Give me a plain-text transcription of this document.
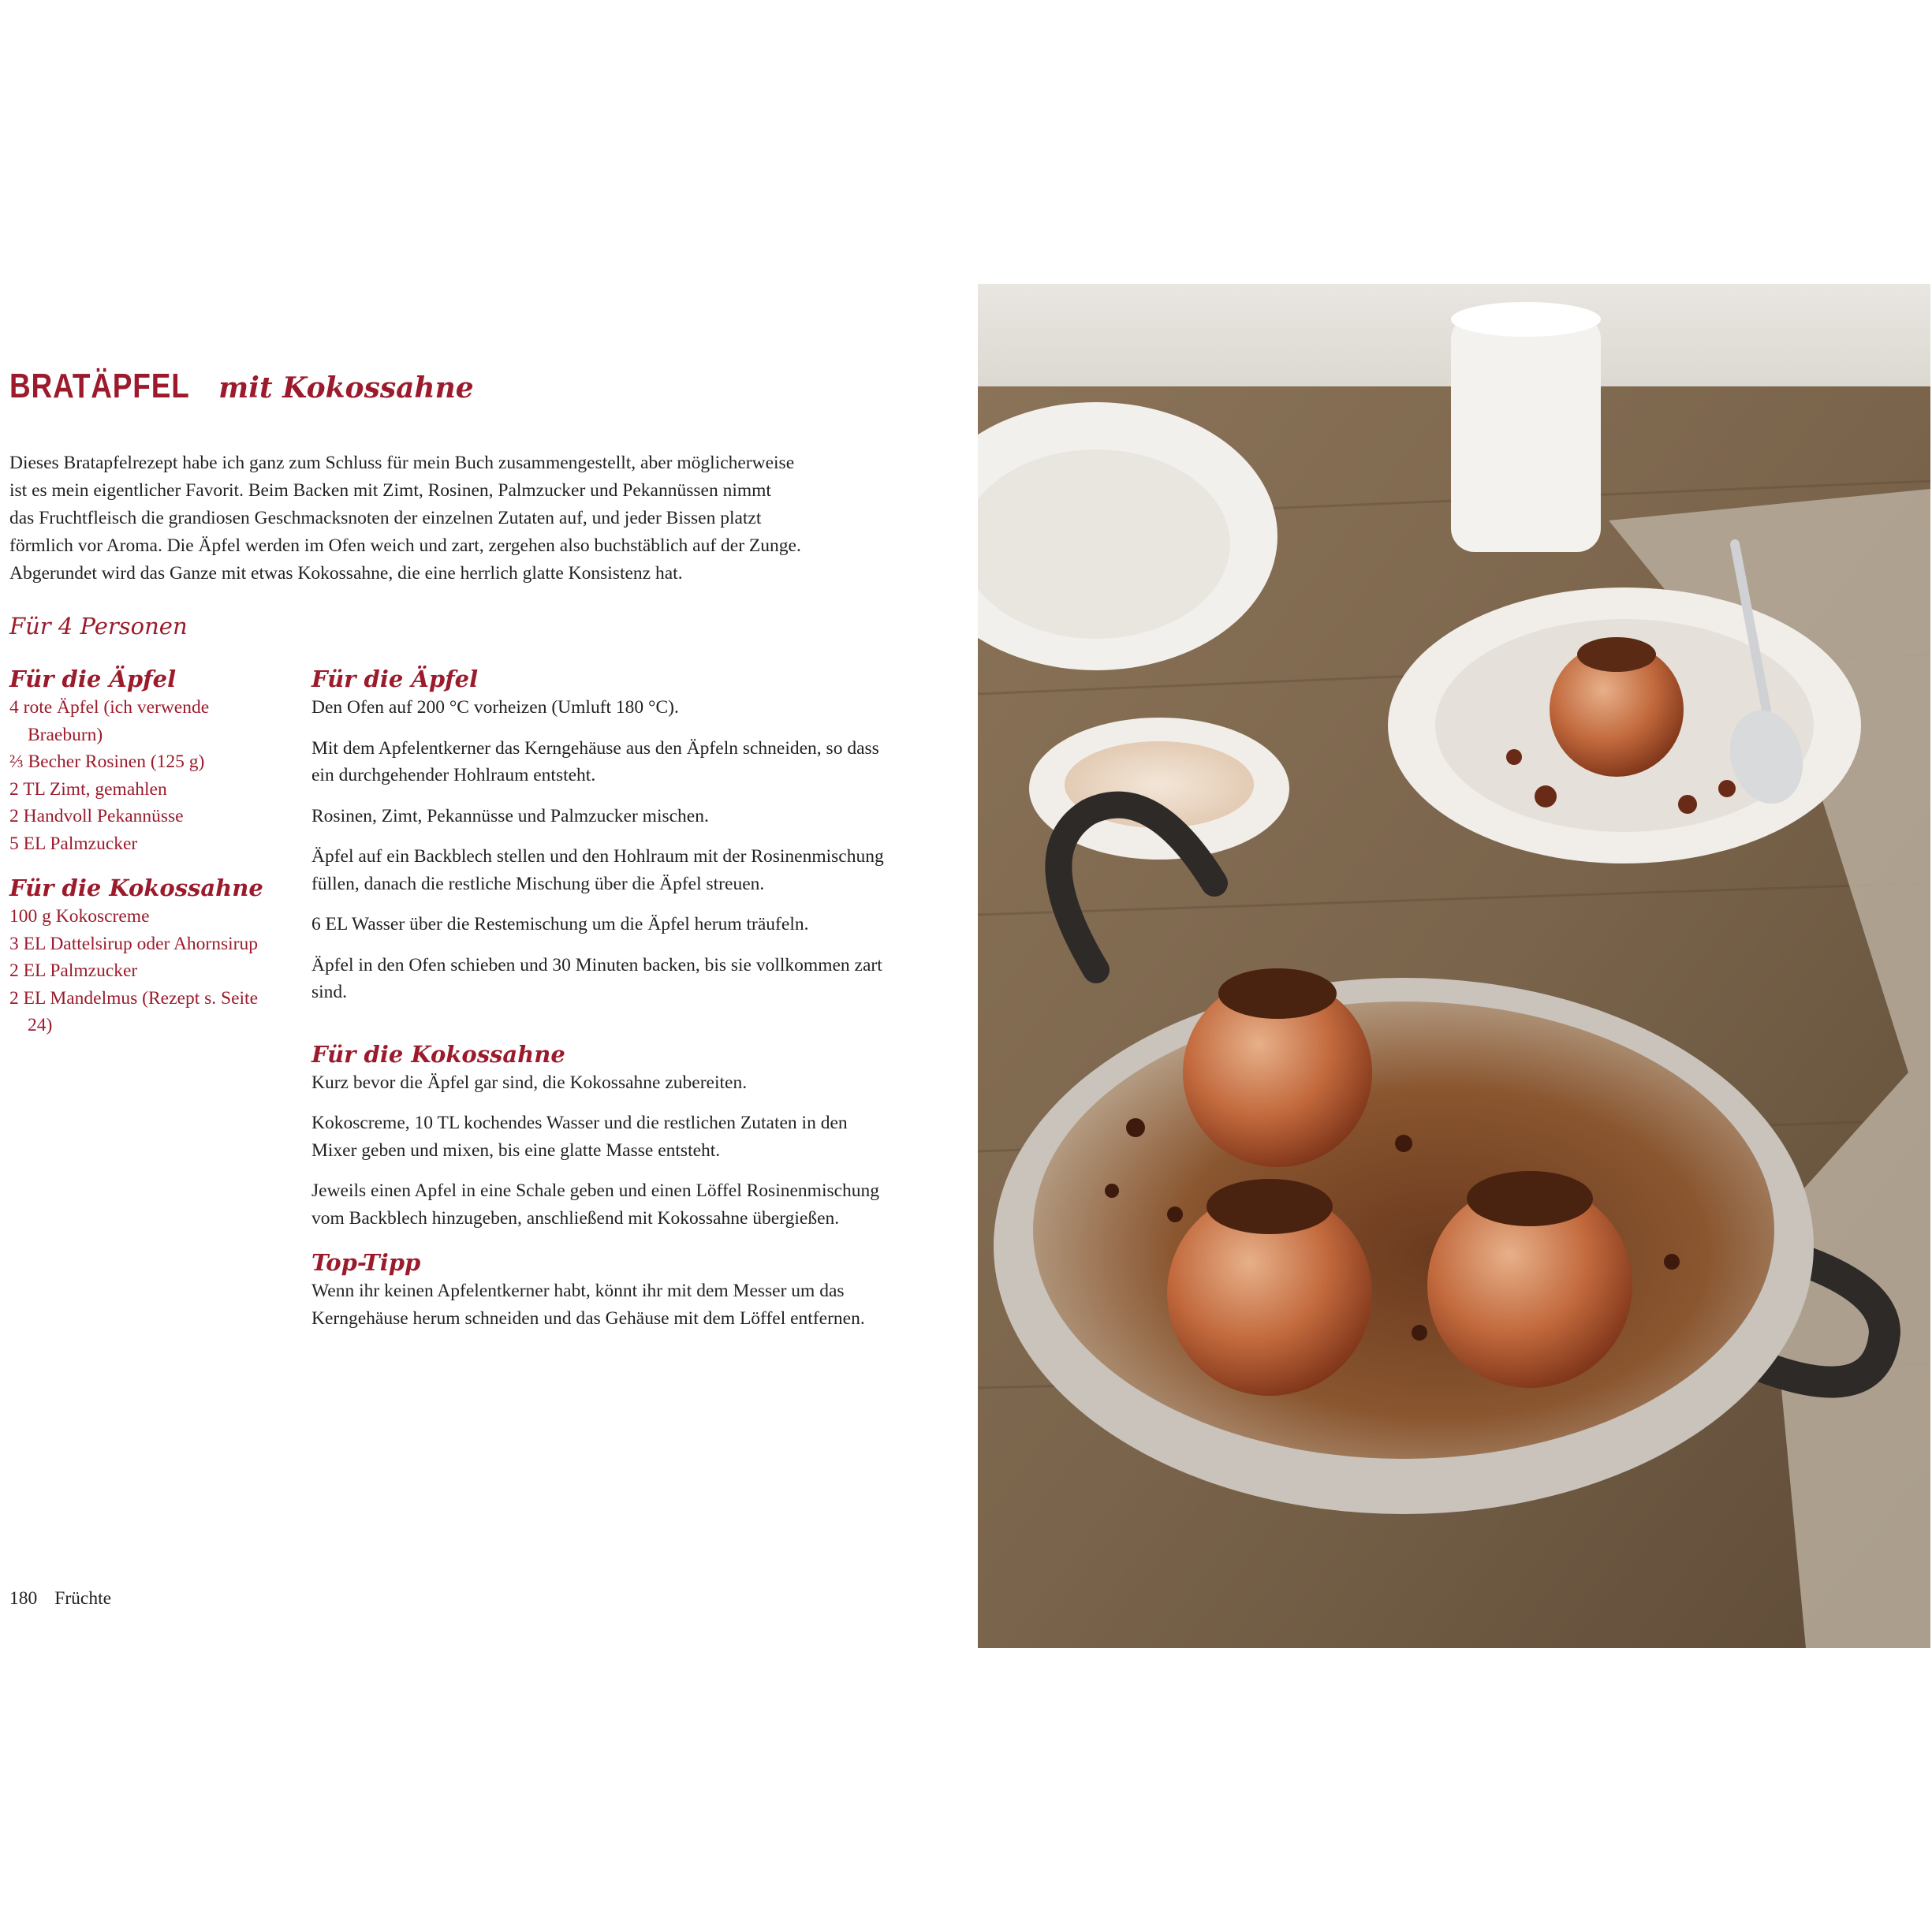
BRATÄPFEL mit Kokossahne

Dieses Bratapfelrezept habe ich ganz zum Schluss für mein Buch zusammengestellt, aber möglicherweise

ist es mein eigentlicher Favorit. Beim Backen mit Zimt, Rosinen, Palmzucker und Pekannüssen nimmt

das Fruchtfleisch die grandiosen Geschmacksnoten der einzelnen Zutaten auf, und jeder Bissen platzt

förmlich vor Aroma. Die Äpfel werden im Ofen weich und zart, zergehen also buchstäblich auf der Zunge.

Abgerundet wird das Ganze mit etwas Kokossahne, die eine herrlich glatte Konsistenz hat.

Für 4 Personen
Für die Äpfel
4 rote Äpfel (ich verwende Braeburn)
⅔ Becher Rosinen (125 g)
2 TL Zimt, gemahlen
2 Handvoll Pekannüsse
5 EL Palmzucker
Für die Kokossahne
100 g Kokoscreme
3 EL Dattelsirup oder Ahornsirup
2 EL Palmzucker
2 EL Mandelmus (Rezept s. Seite 24)
Für die Äpfel

Den Ofen auf 200 °C vorheizen (Umluft 180 °C).

Mit dem Apfelentkerner das Kerngehäuse aus den Äpfeln schneiden, so dass ein durchgehender Hohlraum entsteht.

Rosinen, Zimt, Pekannüsse und Palmzucker mischen.

Äpfel auf ein Backblech stellen und den Hohlraum mit der Rosinenmischung füllen, danach die restliche Mischung über die Äpfel streuen.

6 EL Wasser über die Restemischung um die Äpfel herum träufeln.

Äpfel in den Ofen schieben und 30 Minuten backen, bis sie vollkommen zart sind.

Für die Kokossahne

Kurz bevor die Äpfel gar sind, die Kokossahne zubereiten.

Kokoscreme, 10 TL kochendes Wasser und die restlichen Zutaten in den Mixer geben und mixen, bis eine glatte Masse entsteht.

Jeweils einen Apfel in eine Schale geben und einen Löffel Rosinenmischung vom Backblech hinzugeben, anschließend mit Kokossahne übergießen.

Top-Tipp

Wenn ihr keinen Apfelentkerner habt, könnt ihr mit dem Messer um das Kerngehäuse herum schneiden und das Gehäuse mit dem Löffel entfernen.

180 Früchte
